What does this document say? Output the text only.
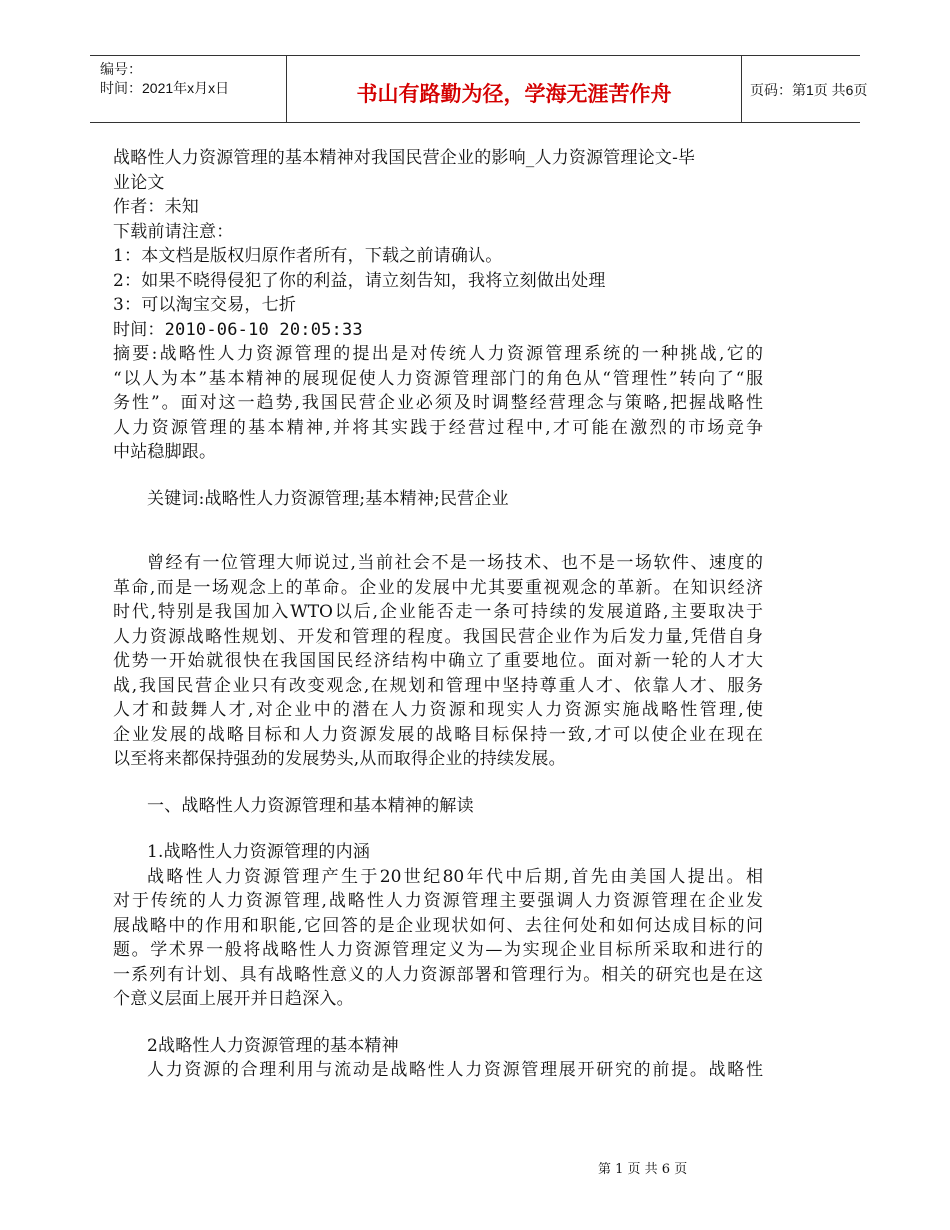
编号：
时间：2021年x月x日	书山有路勤为径，学海无涯苦作舟	页码：第1页 共6页
战略性人力资源管理的基本精神对我国民营企业的影响_人力资源管理论文-毕
业论文
作者：未知
下载前请注意：
1：本文档是版权归原作者所有，下载之前请确认。
2：如果不晓得侵犯了你的利益，请立刻告知，我将立刻做出处理
3：可以淘宝交易，七折
时间：2010-06-10 20:05:33
摘要:战略性人力资源管理的提出是对传统人力资源管理系统的一种挑战,它的
“以人为本”基本精神的展现促使人力资源管理部门的角色从“管理性”转向了“服
务性”。面对这一趋势,我国民营企业必须及时调整经营理念与策略,把握战略性
人力资源管理的基本精神,并将其实践于经营过程中,才可能在激烈的市场竞争
中站稳脚跟。
关键词:战略性人力资源管理;基本精神;民营企业
曾经有一位管理大师说过,当前社会不是一场技术、也不是一场软件、速度的
革命,而是一场观念上的革命。企业的发展中尤其要重视观念的革新。在知识经济
时代,特别是我国加入WTO以后,企业能否走一条可持续的发展道路,主要取决于
人力资源战略性规划、开发和管理的程度。我国民营企业作为后发力量,凭借自身
优势一开始就很快在我国国民经济结构中确立了重要地位。面对新一轮的人才大
战,我国民营企业只有改变观念,在规划和管理中坚持尊重人才、依靠人才、服务
人才和鼓舞人才,对企业中的潜在人力资源和现实人力资源实施战略性管理,使
企业发展的战略目标和人力资源发展的战略目标保持一致,才可以使企业在现在
以至将来都保持强劲的发展势头,从而取得企业的持续发展。
一、战略性人力资源管理和基本精神的解读
1.战略性人力资源管理的内涵
战略性人力资源管理产生于20世纪80年代中后期,首先由美国人提出。相
对于传统的人力资源管理,战略性人力资源管理主要强调人力资源管理在企业发
展战略中的作用和职能,它回答的是企业现状如何、去往何处和如何达成目标的问
题。学术界一般将战略性人力资源管理定义为—为实现企业目标所采取和进行的
一系列有计划、具有战略性意义的人力资源部署和管理行为。相关的研究也是在这
个意义层面上展开并日趋深入。
2战略性人力资源管理的基本精神
人力资源的合理利用与流动是战略性人力资源管理展开研究的前提。战略性
第 1 页 共 6 页
